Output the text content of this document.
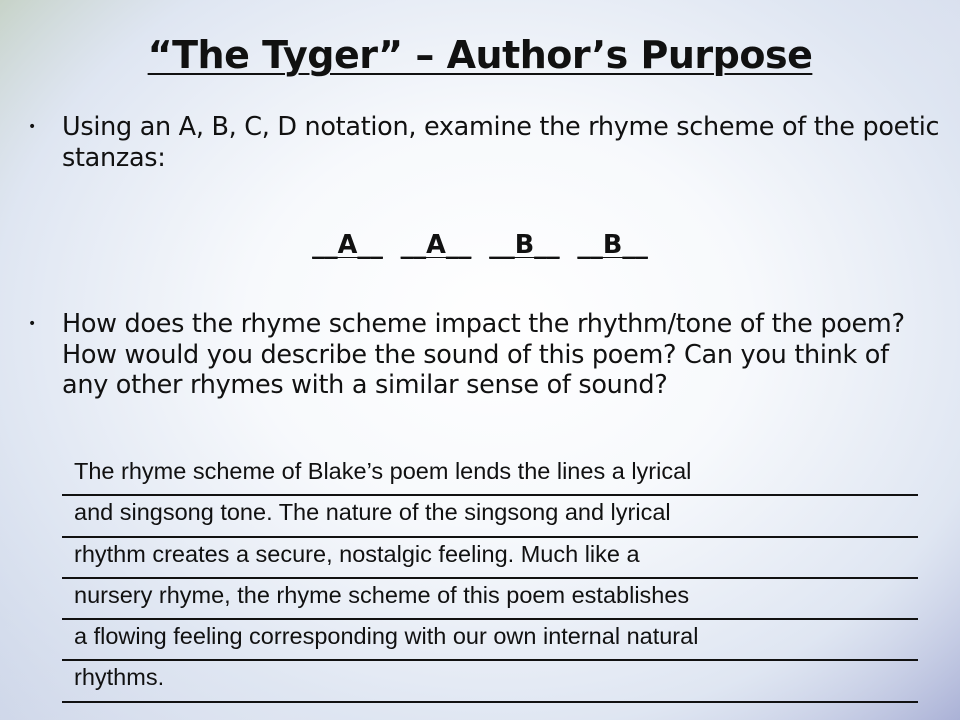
“The Tyger” – Author’s Purpose
• Using an A, B, C, D notation, examine the rhyme scheme of the poetic stanzas:
__A__ __A__ __B__ __B__
• How does the rhyme scheme impact the rhythm/tone of the poem? How would you describe the sound of this poem? Can you think of any other rhymes with a similar sense of sound?
The rhyme scheme of Blake’s poem lends the lines a lyrical
and singsong tone. The nature of the singsong and lyrical
rhythm creates a secure, nostalgic feeling. Much like a
nursery rhyme, the rhyme scheme of this poem establishes
a flowing feeling corresponding with our own internal natural
rhythms.
